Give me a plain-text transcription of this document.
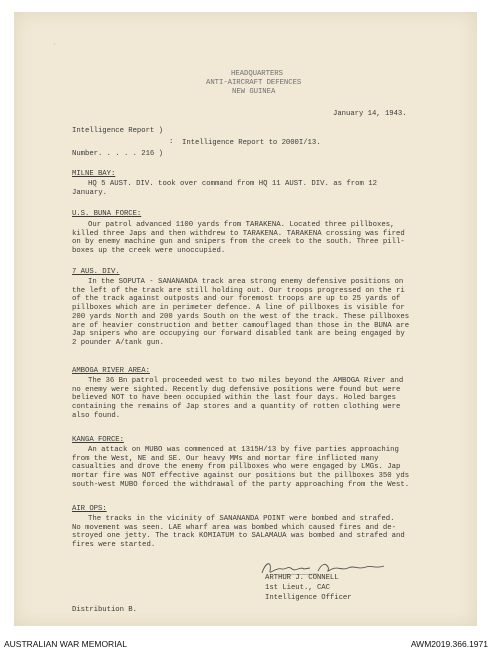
ˊ
HEADQUARTERS
ANTI-AIRCRAFT DEFENCES
NEW GUINEA
January 14, 1943.
Intelligence Report )
: Intelligence Report to 2000I/13.
Number. . . . . 216 )
MILNE BAY:
HQ 5 AUST. DIV. took over command from HQ 11 AUST. DIV. as from 12
January.
U.S. BUNA FORCE:
Our patrol advanced 1100 yards from TARAKENA. Located three pillboxes,
killed three Japs and then withdrew to TARAKENA. TARAKENA crossing was fired
on by enemy machine gun and snipers from the creek to the south. Three pill-
boxes up the creek were unoccupied.
7 AUS. DIV.
In the SOPUTA - SANANANDA track area strong enemy defensive positions on
the left of the track are still holding out. Our troops progressed on the ri
of the track against outposts and our foremost troops are up to 25 yards of
pillboxes which are in perimeter defence. A line of pillboxes is visible for
200 yards North and 200 yards South on the west of the track. These pillboxes
are of heavier construction and better camouflaged than those in the BUNA are
Jap snipers who are occupying our forward disabled tank are being engaged by
2 pounder A/tank gun.
AMBOGA RIVER AREA:
The 36 Bn patrol proceeded west to two miles beyond the AMBOGA River and
no enemy were sighted. Recently dug defensive positions were found but were
believed NOT to have been occupied within the last four days. Holed barges
containing the remains of Jap stores and a quantity of rotten clothing were
also found.
KANGA FORCE:
An attack on MUBO was commenced at 1315H/13 by five parties approaching
from the West, NE and SE. Our heavy MMs and mortar fire inflicted many
casualties and drove the enemy from pillboxes who were engaged by LMGs. Jap
mortar fire was NOT effective against our positions but the pillboxes 350 yds
south-west MUBO forced the withdrawal of the party approaching from the West.
AIR OPS:
The tracks in the vicinity of SANANANDA POINT were bombed and strafed.
No movement was seen. LAE wharf area was bombed which caused fires and de-
stroyed one jetty. The track KOMIATUM to SALAMAUA was bombed and strafed and
fires were started.
ARTHUR J. CONNELL
1st Lieut., CAC
Intelligence Officer
Distribution B.
AUSTRALIAN WAR MEMORIAL	AWM2019.366.1971
